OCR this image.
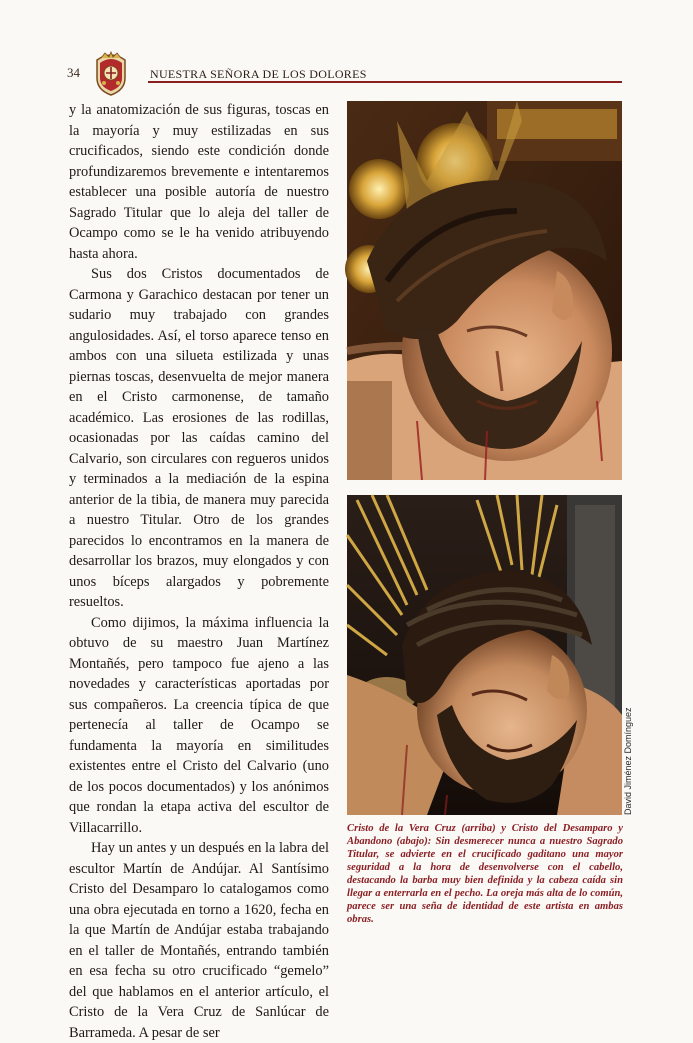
34	NUESTRA SEÑORA DE LOS DOLORES

y la anatomización de sus figuras, toscas en la mayoría y muy estilizadas en sus crucificados, siendo este condición donde profundizaremos brevemente e intentaremos establecer una posible autoría de nuestro Sagrado Titular que lo aleja del taller de Ocampo como se le ha venido atribuyendo hasta ahora.

Sus dos Cristos documentados de Carmona y Garachico destacan por tener un sudario muy trabajado con grandes angulosidades. Así, el torso aparece tenso en ambos con una silueta estilizada y unas piernas toscas, desenvuelta de mejor manera en el Cristo carmonense, de tamaño académico. Las erosiones de las rodillas, ocasionadas por las caídas camino del Calvario, son circulares con regueros unidos y terminados a la mediación de la espina anterior de la tibia, de manera muy parecida a nuestro Titular. Otro de los grandes parecidos lo encontramos en la manera de desarrollar los brazos, muy elongados y con unos bíceps alargados y pobremente resueltos.

Como dijimos, la máxima influencia la obtuvo de su maestro Juan Martínez Montañés, pero tampoco fue ajeno a las novedades y características aportadas por sus compañeros. La creencia típica de que pertenecía al taller de Ocampo se fundamenta la mayoría en similitudes existentes entre el Cristo del Calvario (uno de los pocos documentados) y los anónimos que rondan la etapa activa del escultor de Villacarrillo.

Hay un antes y un después en la labra del escultor Martín de Andújar. Al Santísimo Cristo del Desamparo lo catalogamos como una obra ejecutada en torno a 1620, fecha en la que Martín de Andújar estaba trabajando en el taller de Montañés, entrando también en esa fecha su otro crucificado “gemelo” del que hablamos en el anterior artículo, el Cristo de la Vera Cruz de Sanlúcar de Barrameda. A pesar de ser

David Jiménez Domínguez
Cristo de la Vera Cruz (arriba) y Cristo del Desamparo y Abandono (abajo): Sin desmerecer nunca a nuestro Sagrado Titular, se advierte en el crucificado gaditano una mayor seguridad a la hora de desenvolverse con el cabello, destacando la barba muy bien definida y la cabeza caída sin llegar a enterrarla en el pecho. La oreja más alta de lo común, parece ser una seña de identidad de este artista en ambas obras.
